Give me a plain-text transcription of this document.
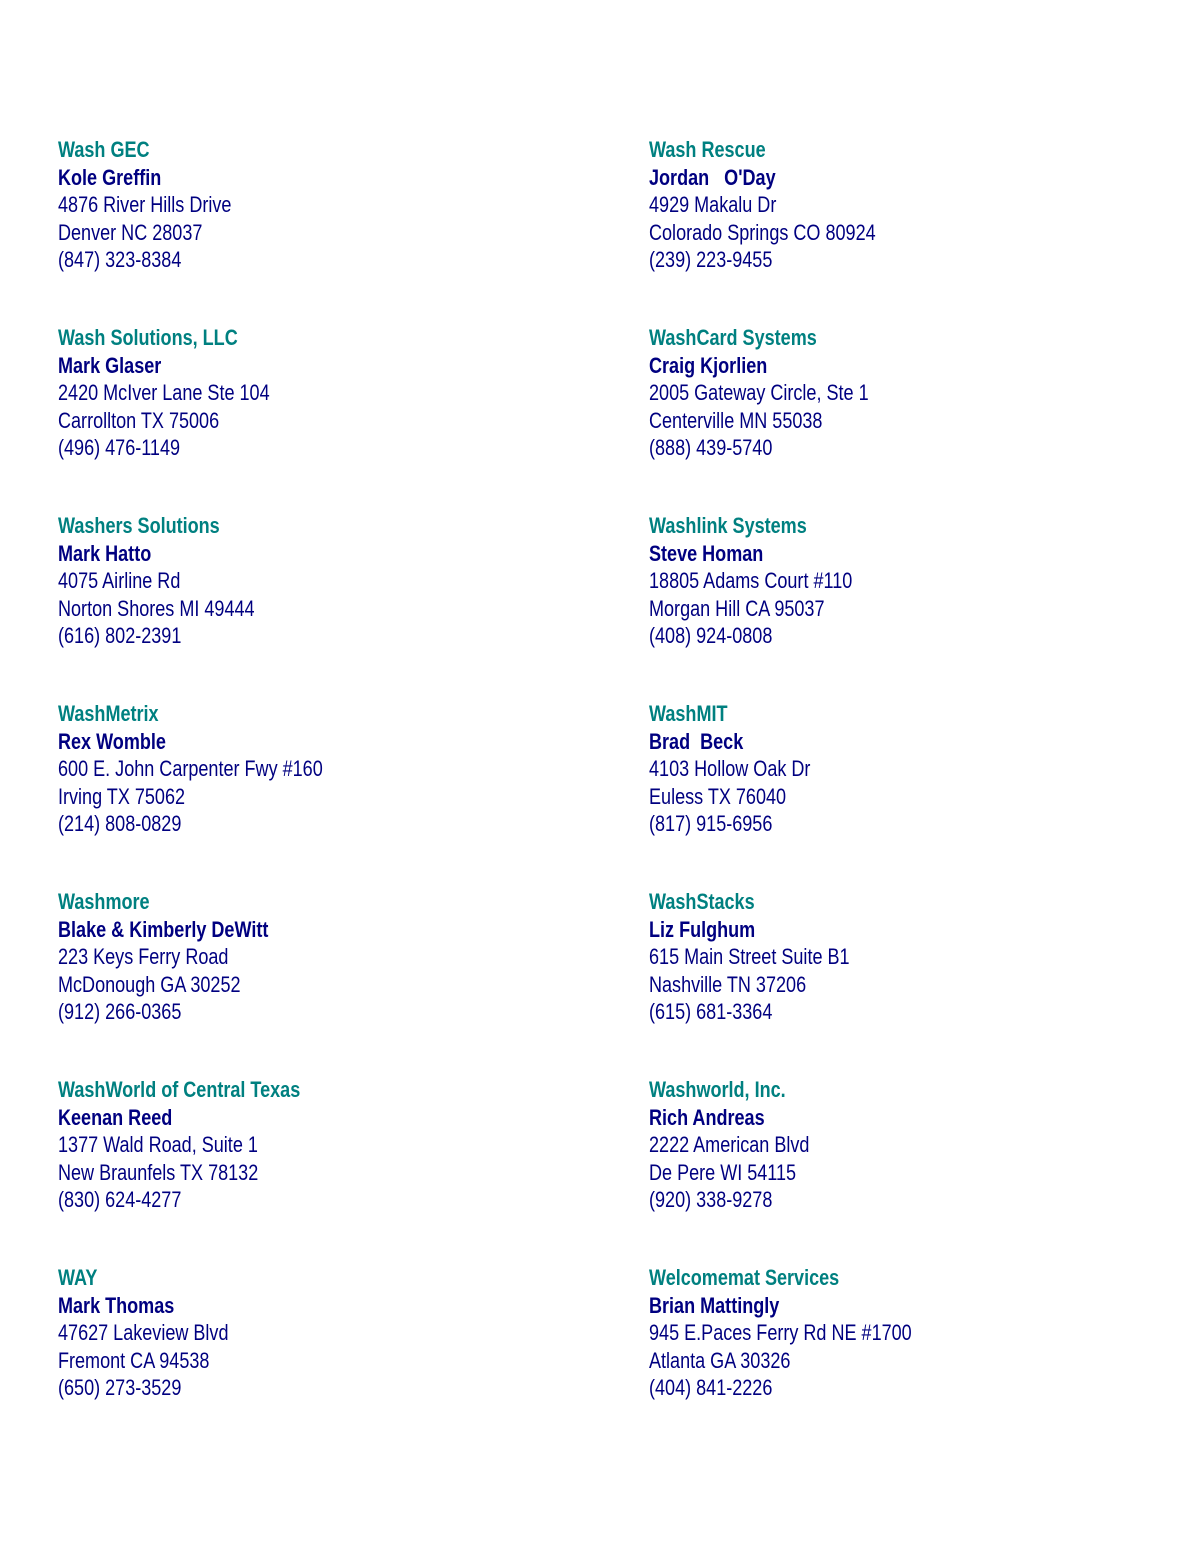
Wash GEC
Kole Greffin
4876 River Hills Drive
Denver NC 28037
(847) 323-8384
Wash Rescue
Jordan   O'Day
4929 Makalu Dr
Colorado Springs CO 80924
(239) 223-9455
Wash Solutions, LLC
Mark Glaser
2420 McIver Lane Ste 104
Carrollton TX 75006
(496) 476-1149
WashCard Systems
Craig Kjorlien
2005 Gateway Circle, Ste 1
Centerville MN 55038
(888) 439-5740
Washers Solutions
Mark Hatto
4075 Airline Rd
Norton Shores MI 49444
(616) 802-2391
Washlink Systems
Steve Homan
18805 Adams Court #110
Morgan Hill CA 95037
(408) 924-0808
WashMetrix
Rex Womble
600 E. John Carpenter Fwy #160
Irving TX 75062
(214) 808-0829
WashMIT
Brad  Beck
4103 Hollow Oak Dr
Euless TX 76040
(817) 915-6956
Washmore
Blake & Kimberly DeWitt
223 Keys Ferry Road
McDonough GA 30252
(912) 266-0365
WashStacks
Liz Fulghum
615 Main Street Suite B1
Nashville TN 37206
(615) 681-3364
WashWorld of Central Texas
Keenan Reed
1377 Wald Road, Suite 1
New Braunfels TX 78132
(830) 624-4277
Washworld, Inc.
Rich Andreas
2222 American Blvd
De Pere WI 54115
(920) 338-9278
WAY
Mark Thomas
47627 Lakeview Blvd
Fremont CA 94538
(650) 273-3529
Welcomemat Services
Brian Mattingly
945 E.Paces Ferry Rd NE #1700
Atlanta GA 30326
(404) 841-2226
